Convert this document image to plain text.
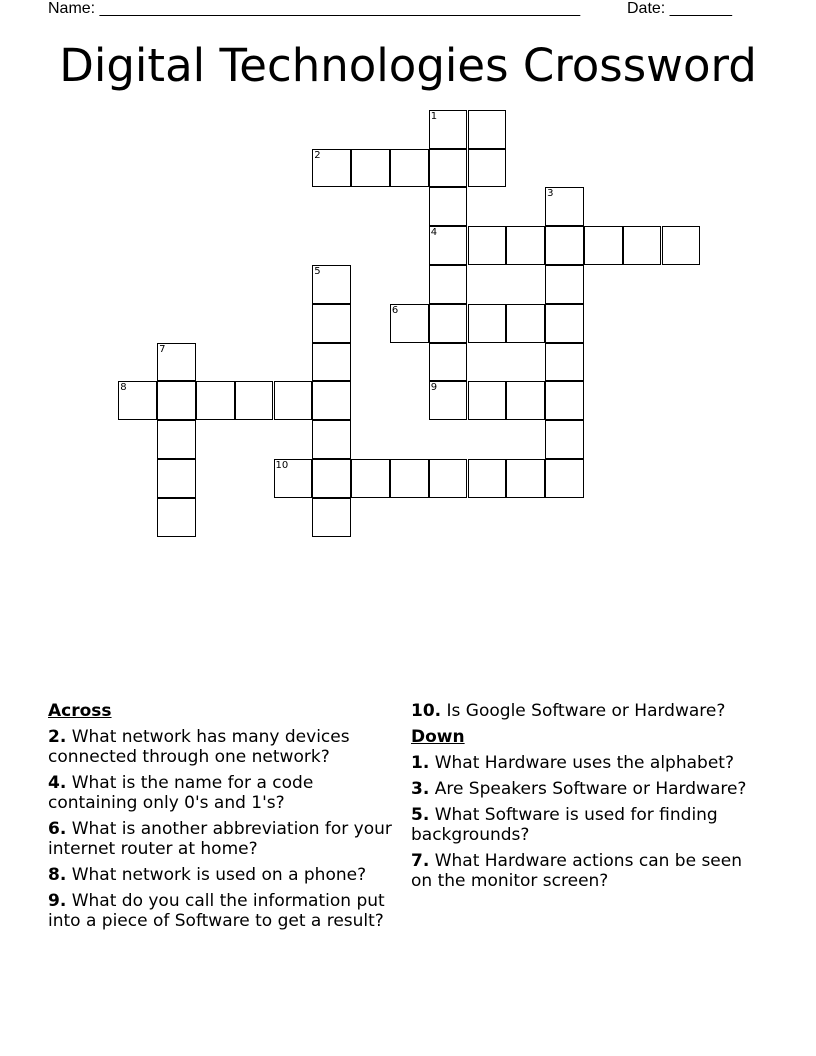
Name: ______________________________________________________	Date: _______
Digital Technologies Crossword
1
2
3
4
5
6
7
8	9
10
Across
2. What network has many devices connected through one network?
4. What is the name for a code containing only 0's and 1's?
6. What is another abbreviation for your internet router at home?
8. What network is used on a phone?
9. What do you call the information put into a piece of Software to get a result?
10. Is Google Software or Hardware?
Down
1. What Hardware uses the alphabet?
3. Are Speakers Software or Hardware?
5. What Software is used for finding backgrounds?
7. What Hardware actions can be seen on the monitor screen?
